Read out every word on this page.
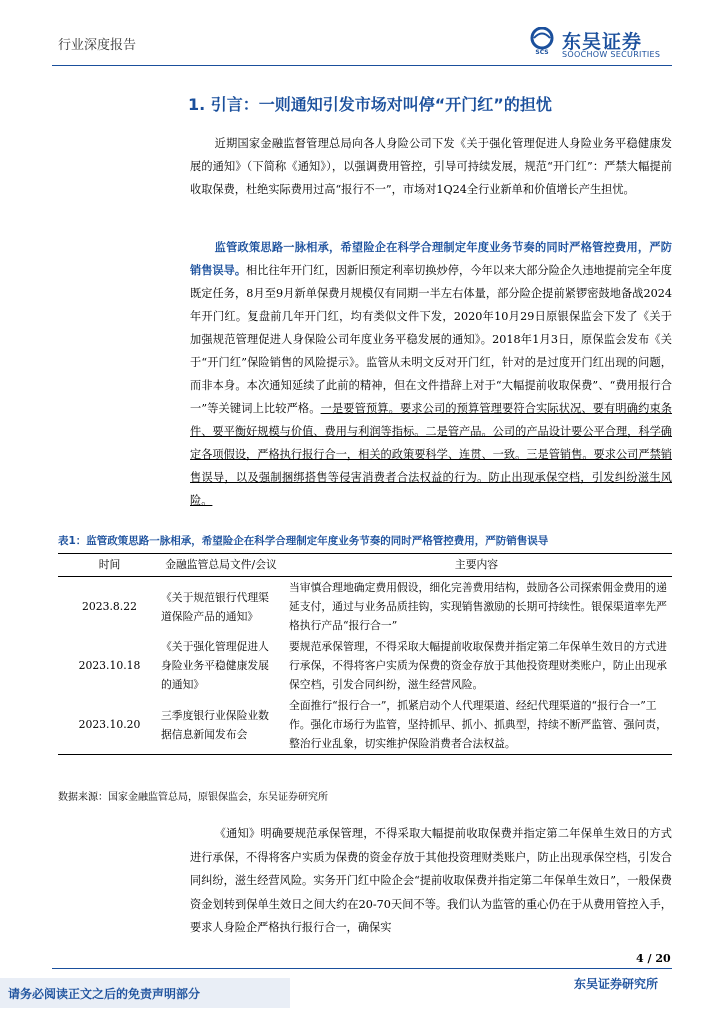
行业深度报告	SCS 东吴证券
SOOCHOW SECURITIES
1. 引言：一则通知引发市场对叫停“开门红”的担忧

近期国家金融监督管理总局向各人身险公司下发《关于强化管理促进人身险业务平稳健康发展的通知》（下简称《通知》），以强调费用管控，引导可持续发展，规范“开门红”：严禁大幅提前收取保费，杜绝实际费用过高“报行不一”，市场对1Q24全行业新单和价值增长产生担忧。

监管政策思路一脉相承，希望险企在科学合理制定年度业务节奏的同时严格管控费用，严防销售误导。相比往年开门红，因新旧预定利率切换炒停，今年以来大部分险企久违地提前完全年度既定任务，8月至9月新单保费月规模仅有同期一半左右体量，部分险企提前紧锣密鼓地备战2024年开门红。复盘前几年开门红，均有类似文件下发，2020年10月29日原银保监会下发了《关于加强规范管理促进人身保险公司年度业务平稳发展的通知》。2018年1月3日，原保监会发布《关于“开门红”保险销售的风险提示》。监管从未明文反对开门红，针对的是过度开门红出现的问题，而非本身。本次通知延续了此前的精神，但在文件措辞上对于“大幅提前收取保费”、“费用报行合一”等关键词上比较严格。一是要管预算。要求公司的预算管理要符合实际状况、要有明确约束条件、要平衡好规模与价值、费用与利润等指标。二是管产品。公司的产品设计要公平合理，科学确定各项假设，严格执行报行合一，相关的政策要科学、连贯、一致。三是管销售。要求公司严禁销售误导，以及强制捆绑搭售等侵害消费者合法权益的行为。防止出现承保空档，引发纠纷滋生风险。

表1：监管政策思路一脉相承，希望险企在科学合理制定年度业务节奏的同时严格管控费用，严防销售误导
时间	金融监管总局文件/会议	主要内容
2023.8.22	《关于规范银行代理渠道保险产品的通知》	当审慎合理地确定费用假设，细化完善费用结构，鼓励各公司探索佣金费用的递延支付，通过与业务品质挂钩，实现销售激励的长期可持续性。银保渠道率先严格执行产品“报行合一”
2023.10.18	《关于强化管理促进人身险业务平稳健康发展的通知》	要规范承保管理，不得采取大幅提前收取保费并指定第二年保单生效日的方式进行承保，不得将客户实质为保费的资金存放于其他投资理财类账户，防止出现承保空档，引发合同纠纷，滋生经营风险。
2023.10.20	三季度银行业保险业数据信息新闻发布会	全面推行“报行合一”，抓紧启动个人代理渠道、经纪代理渠道的“报行合一”工作。强化市场行为监管，坚持抓早、抓小、抓典型，持续不断严监管、强问责，整治行业乱象，切实维护保险消费者合法权益。
数据来源：国家金融监管总局，原银保监会，东吴证券研究所

《通知》明确要规范承保管理，不得采取大幅提前收取保费并指定第二年保单生效日的方式进行承保，不得将客户实质为保费的资金存放于其他投资理财类账户，防止出现承保空档，引发合同纠纷，滋生经营风险。实务开门红中险企会“提前收取保费并指定第二年保单生效日”，一般保费资金划转到保单生效日之间大约在20-70天间不等。我们认为监管的重心仍在于从费用管控入手，要求人身险企严格执行报行合一，确保实

4 / 20
请务必阅读正文之后的免责声明部分
东吴证券研究所
